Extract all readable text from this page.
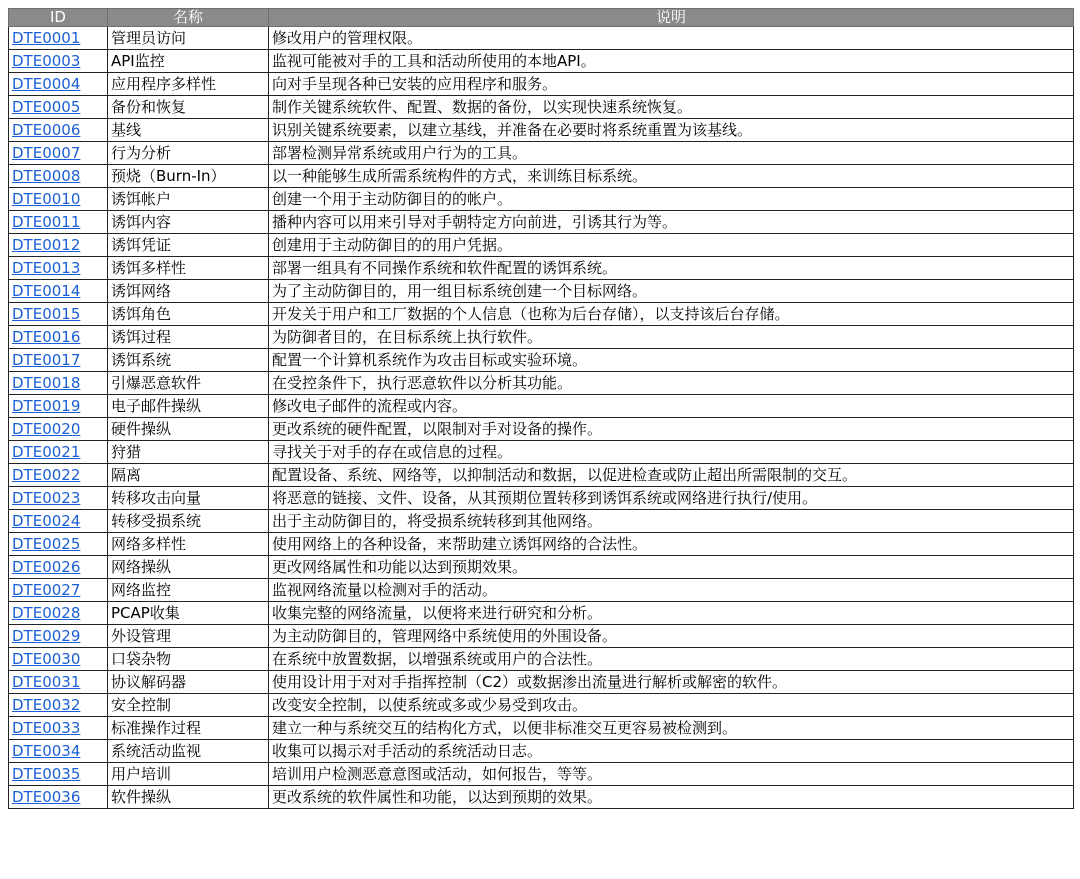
ID	名称	说明
DTE0001	管理员访问	修改用户的管理权限。
DTE0003	API监控	监视可能被对手的工具和活动所使用的本地API。
DTE0004	应用程序多样性	向对手呈现各种已安装的应用程序和服务。
DTE0005	备份和恢复	制作关键系统软件、配置、数据的备份，以实现快速系统恢复。
DTE0006	基线	识别关键系统要素，以建立基线，并准备在必要时将系统重置为该基线。
DTE0007	行为分析	部署检测异常系统或用户行为的工具。
DTE0008	预烧（Burn-In）	以一种能够生成所需系统构件的方式，来训练目标系统。
DTE0010	诱饵帐户	创建一个用于主动防御目的的帐户。
DTE0011	诱饵内容	播种内容可以用来引导对手朝特定方向前进，引诱其行为等。
DTE0012	诱饵凭证	创建用于主动防御目的的用户凭据。
DTE0013	诱饵多样性	部署一组具有不同操作系统和软件配置的诱饵系统。
DTE0014	诱饵网络	为了主动防御目的，用一组目标系统创建一个目标网络。
DTE0015	诱饵角色	开发关于用户和工厂数据的个人信息（也称为后台存储），以支持该后台存储。
DTE0016	诱饵过程	为防御者目的，在目标系统上执行软件。
DTE0017	诱饵系统	配置一个计算机系统作为攻击目标或实验环境。
DTE0018	引爆恶意软件	在受控条件下，执行恶意软件以分析其功能。
DTE0019	电子邮件操纵	修改电子邮件的流程或内容。
DTE0020	硬件操纵	更改系统的硬件配置，以限制对手对设备的操作。
DTE0021	狩猎	寻找关于对手的存在或信息的过程。
DTE0022	隔离	配置设备、系统、网络等，以抑制活动和数据，以促进检查或防止超出所需限制的交互。
DTE0023	转移攻击向量	将恶意的链接、文件、设备，从其预期位置转移到诱饵系统或网络进行执行/使用。
DTE0024	转移受损系统	出于主动防御目的，将受损系统转移到其他网络。
DTE0025	网络多样性	使用网络上的各种设备，来帮助建立诱饵网络的合法性。
DTE0026	网络操纵	更改网络属性和功能以达到预期效果。
DTE0027	网络监控	监视网络流量以检测对手的活动。
DTE0028	PCAP收集	收集完整的网络流量，以便将来进行研究和分析。
DTE0029	外设管理	为主动防御目的，管理网络中系统使用的外围设备。
DTE0030	口袋杂物	在系统中放置数据，以增强系统或用户的合法性。
DTE0031	协议解码器	使用设计用于对对手指挥控制（C2）或数据渗出流量进行解析或解密的软件。
DTE0032	安全控制	改变安全控制，以使系统或多或少易受到攻击。
DTE0033	标准操作过程	建立一种与系统交互的结构化方式，以便非标准交互更容易被检测到。
DTE0034	系统活动监视	收集可以揭示对手活动的系统活动日志。
DTE0035	用户培训	培训用户检测恶意意图或活动，如何报告，等等。
DTE0036	软件操纵	更改系统的软件属性和功能，以达到预期的效果。
